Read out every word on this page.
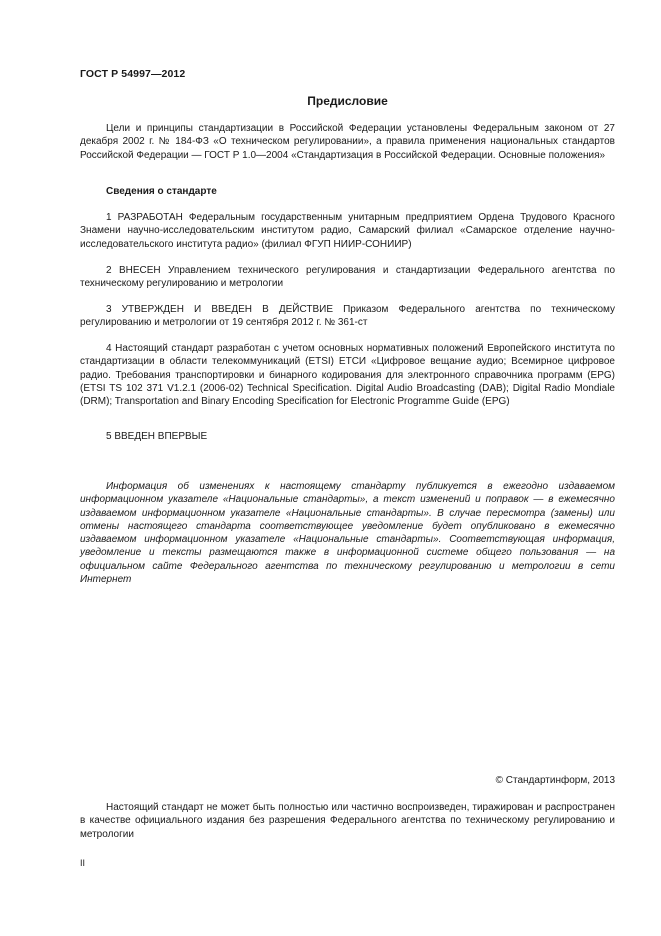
ГОСТ Р 54997—2012
Предисловие

Цели и принципы стандартизации в Российской Федерации установлены Федеральным законом от 27 декабря 2002 г. № 184-ФЗ «О техническом регулировании», а правила применения национальных стандартов Российской Федерации — ГОСТ Р 1.0—2004 «Стандартизация в Российской Федерации. Основные положения»

Сведения о стандарте

1 РАЗРАБОТАН Федеральным государственным унитарным предприятием Ордена Трудового Красного Знамени научно-исследовательским институтом радио, Самарский филиал «Самарское отделение научно-исследовательского института радио» (филиал ФГУП НИИР-СОНИИР)

2 ВНЕСЕН Управлением технического регулирования и стандартизации Федерального агентства по техническому регулированию и метрологии

3 УТВЕРЖДЕН И ВВЕДЕН В ДЕЙСТВИЕ Приказом Федерального агентства по техническому регулированию и метрологии от 19 сентября 2012 г. № 361-ст

4 Настоящий стандарт разработан с учетом основных нормативных положений Европейского института по стандартизации в области телекоммуникаций (ETSI) ЕТСИ «Цифровое вещание аудио; Всемирное цифровое радио. Требования транспортировки и бинарного кодирования для электронного справочника программ (EPG) (ETSI TS 102 371 V1.2.1 (2006-02) Technical Specification. Digital Audio Broadcasting (DAB); Digital Radio Mondiale (DRM); Transportation and Binary Encoding Specification for Electronic Programme Guide (EPG)

5 ВВЕДЕН ВПЕРВЫЕ

Информация об изменениях к настоящему стандарту публикуется в ежегодно издаваемом информационном указателе «Национальные стандарты», а текст изменений и поправок — в ежемесячно издаваемом информационном указателе «Национальные стандарты». В случае пересмотра (замены) или отмены настоящего стандарта соответствующее уведомление будет опубликовано в ежемесячно издаваемом информационном указателе «Национальные стандарты». Соответствующая информация, уведомление и тексты размещаются также в информационной системе общего пользования — на официальном сайте Федерального агентства по техническому регулированию и метрологии в сети Интернет

© Стандартинформ, 2013

Настоящий стандарт не может быть полностью или частично воспроизведен, тиражирован и распространен в качестве официального издания без разрешения Федерального агентства по техническому регулированию и метрологии

II
